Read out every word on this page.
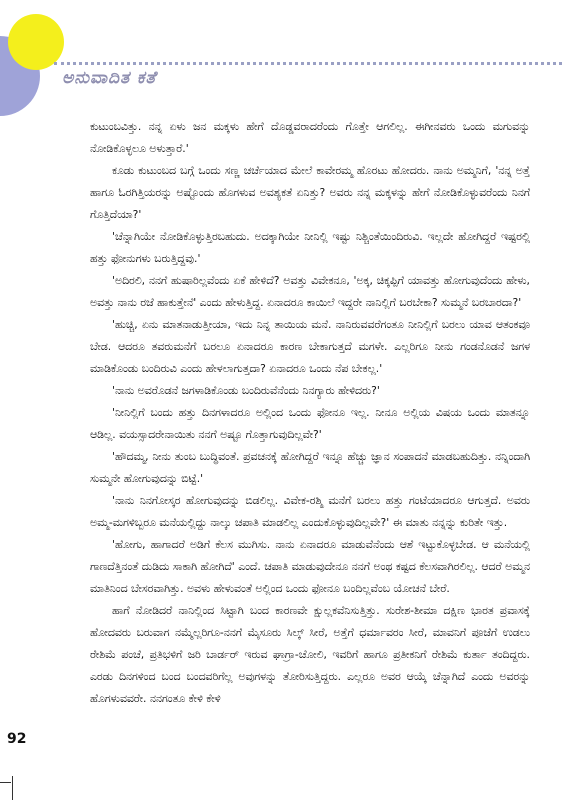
ಅನುವಾದಿತ ಕತೆ

ಕುಟುಂಬವಿತ್ತು. ನನ್ನ ಏಳು ಜನ ಮಕ್ಕಳು ಹೇಗೆ ದೊಡ್ಡವರಾದರೆಂದು ಗೊತ್ತೇ ಆಗಲಿಲ್ಲ. ಈಗೀನವರು ಒಂದು ಮಗುವನ್ನು ನೋಡಿಕೊಳ್ಳಲೂ ಅಳುತ್ತಾರೆ.'

ಕೂಡು ಕುಟುಂಬದ ಬಗ್ಗೆ ಒಂದು ಸಣ್ಣ ಚರ್ಚೆಯಾದ ಮೇಲೆ ಕಾವೇರಮ್ಮ ಹೊರಟು ಹೋದರು. ನಾನು ಅಮ್ಮನಿಗೆ, 'ನನ್ನ ಅತ್ತೆ ಹಾಗೂ ಓರಗಿತ್ತಿಯರನ್ನು ಅಷ್ಟೊಂದು ಹೊಗಳುವ ಅವಶ್ಯಕತೆ ಏನಿತ್ತು? ಅವರು ನನ್ನ ಮಕ್ಕಳನ್ನು ಹೇಗೆ ನೋಡಿಕೊಳ್ಳುವರೆಂದು ನಿನಗೆ ಗೊತ್ತಿದೆಯಾ?'

'ಚೆನ್ನಾಗಿಯೇ ನೋಡಿಕೊಳ್ಳುತ್ತಿರಬಹುದು. ಅದಕ್ಕಾಗಿಯೇ ನೀನಿಲ್ಲಿ ಇಷ್ಟು ನಿಶ್ಚಿಂತೆಯಿಂದಿರುವಿ. ಇಲ್ಲದೇ ಹೋಗಿದ್ದರೆ ಇಷ್ಟರಲ್ಲಿ ಹತ್ತು ಫೋನುಗಳು ಬರುತ್ತಿದ್ದವು.'

'ಅದಿರಲಿ, ನನಗೆ ಹುಷಾರಿಲ್ಲವೆಂದು ಏಕೆ ಹೇಳಿದೆ? ಅವತ್ತು ವಿವೇಕನೂ, 'ಅಕ್ಕ, ಚಿಕ್ಕಪ್ಪಿಗೆ ಯಾವತ್ತು ಹೋಗುವುದೆಂದು ಹೇಳು, ಅವತ್ತು ನಾನು ರಜೆ ಹಾಕುತ್ತೇನೆ' ಎಂದು ಹೇಳುತ್ತಿದ್ದ. ಏನಾದರೂ ಕಾಯಿಲೆ ಇದ್ದರೇ ನಾನಿಲ್ಲಿಗೆ ಬರಬೇಕಾ? ಸುಮ್ಮನೆ ಬರಬಾರದಾ?'

'ಹುಚ್ಚಿ, ಏನು ಮಾತನಾಡುತ್ತೀಯಾ, ಇದು ನಿನ್ನ ತಾಯಿಯ ಮನೆ. ನಾನಿರುವವರೆಗಂತೂ ನೀನಿಲ್ಲಿಗೆ ಬರಲು ಯಾವ ಆತಂಕವೂ ಬೇಡ. ಆದರೂ ತವರುಮನೆಗೆ ಬರಲೂ ಏನಾದರೂ ಕಾರಣ ಬೇಕಾಗುತ್ತದೆ ಮಗಳೇ. ಎಲ್ಲರಿಗೂ ನೀನು ಗಂಡನೊಡನೆ ಜಗಳ ಮಾಡಿಕೊಂಡು ಬಂದಿರುವಿ ಎಂದು ಹೇಳಲಾಗುತ್ತದಾ? ಏನಾದರೂ ಒಂದು ನೆಪ ಬೇಕಲ್ಲ.'

'ನಾನು ಅವರೊಡನೆ ಜಗಳಾಡಿಕೊಂಡು ಬಂದಿರುವೆನೆಂದು ನಿನಗ್ಯಾರು ಹೇಳಿದರು?'

'ನೀನಿಲ್ಲಿಗೆ ಬಂದು ಹತ್ತು ದಿನಗಳಾದರೂ ಅಲ್ಲಿಂದ ಒಂದು ಫೋನೂ ಇಲ್ಲ. ನೀನೂ ಅಲ್ಲಿಯ ವಿಷಯ ಒಂದು ಮಾತನ್ನೂ ಆಡಿಲ್ಲ. ವಯಸ್ಸಾದರೇನಾಯಿತು ನನಗೆ ಅಷ್ಟೂ ಗೊತ್ತಾಗುವುದಿಲ್ಲವೇ?'

'ಹೌದಮ್ಮ, ನೀನು ತುಂಬ ಬುದ್ಧಿವಂತೆ. ಪ್ರವಚನಕ್ಕೆ ಹೋಗಿದ್ದರೆ ಇನ್ನೂ ಹೆಚ್ಚು ಜ್ಞಾನ ಸಂಪಾದನೆ ಮಾಡಬಹುದಿತ್ತು. ನನ್ನಿಂದಾಗಿ ಸುಮ್ಮನೇ ಹೋಗುವುದನ್ನು ಬಿಟ್ಟೆ.'

'ನಾನು ನಿನಗೋಸ್ಕರ ಹೋಗುವುದನ್ನು ಬಿಡಲಿಲ್ಲ. ವಿವೇಕ-ರಶ್ಮಿ ಮನೆಗೆ ಬರಲು ಹತ್ತು ಗಂಟೆಯಾದರೂ ಆಗುತ್ತದೆ. ಅವರು ಅಮ್ಮ-ಮಗಳಿಬ್ಬರೂ ಮನೆಯಲ್ಲಿದ್ದು ನಾಲ್ಕು ಚಪಾತಿ ಮಾಡಲಿಲ್ಲ ಎಂದುಕೊಳ್ಳುವುದಿಲ್ಲವೇ?' ಈ ಮಾತು ನನ್ನನ್ನು ಕುರಿತೇ ಇತ್ತು.

'ಹೋಗು, ಹಾಗಾದರೆ ಅಡಿಗೆ ಕೆಲಸ ಮುಗಿಸು. ನಾನು ಏನಾದರೂ ಮಾಡುವೆನೆಂದು ಆಶೆ ಇಟ್ಟುಕೊಳ್ಳಬೇಡ. ಆ ಮನೆಯಲ್ಲಿ ಗಾಣದೆತ್ತಿನಂತೆ ದುಡಿದು ಸಾಕಾಗಿ ಹೋಗಿದೆ' ಎಂದೆ. ಚಪಾತಿ ಮಾಡುವುದೇನೂ ನನಗೆ ಅಂಥ ಕಷ್ಟದ ಕೆಲಸವಾಗಿರಲಿಲ್ಲ. ಆದರೆ ಅಮ್ಮನ ಮಾತಿನಿಂದ ಬೇಸರವಾಗಿತ್ತು. ಅವಳು ಹೇಳುವಂತೆ ಅಲ್ಲಿಂದ ಒಂದು ಫೋನೂ ಬಂದಿಲ್ಲವೆಂಬ ಯೋಚನೆ ಬೇರೆ.

ಹಾಗೆ ನೋಡಿದರೆ ನಾನಿಲ್ಲಿಂದ ಸಿಟ್ಟಾಗಿ ಬಂದ ಕಾರಣವೇ ಕ್ಷುಲ್ಲಕವೆನಿಸುತ್ತಿತ್ತು. ಸುರೇಶ-ಶೀಮಾ ದಕ್ಷಿಣ ಭಾರತ ಪ್ರವಾಸಕ್ಕೆ ಹೋದವರು ಬರುವಾಗ ನಮ್ಮೆಲ್ಲರಿಗೂ-ನನಗೆ ಮೈಸೂರು ಸಿಲ್ಕ್ ಸೀರೆ, ಅತ್ತೆಗೆ ಧರ್ಮಾವರಂ ಸೀರೆ, ಮಾವನಿಗೆ ಪೂಜೆಗೆ ಉಡಲು ರೇಶಿಮೆ ಪಂಚೆ, ಪ್ರತಿಭಳಿಗೆ ಜರಿ ಬಾರ್ಡರ್ ಇರುವ ಘಾಗ್ರಾ-ಚೋಲಿ, ಇವರಿಗೆ ಹಾಗೂ ಪ್ರತೀಕನಿಗೆ ರೇಶಿಮೆ ಕುರ್ತಾ ತಂದಿದ್ದರು. ಎರಡು ದಿನಗಳಿಂದ ಬಂದ ಬಂದವರಿಗೆಲ್ಲ ಅವುಗಳನ್ನು ತೋರಿಸುತ್ತಿದ್ದರು. ಎಲ್ಲರೂ ಅವರ ಆಯ್ಕೆ ಚೆನ್ನಾಗಿದೆ ಎಂದು ಅವರನ್ನು ಹೊಗಳುವವರೇ. ನನಗಂತೂ ಕೇಳಿ ಕೇಳಿ

92
